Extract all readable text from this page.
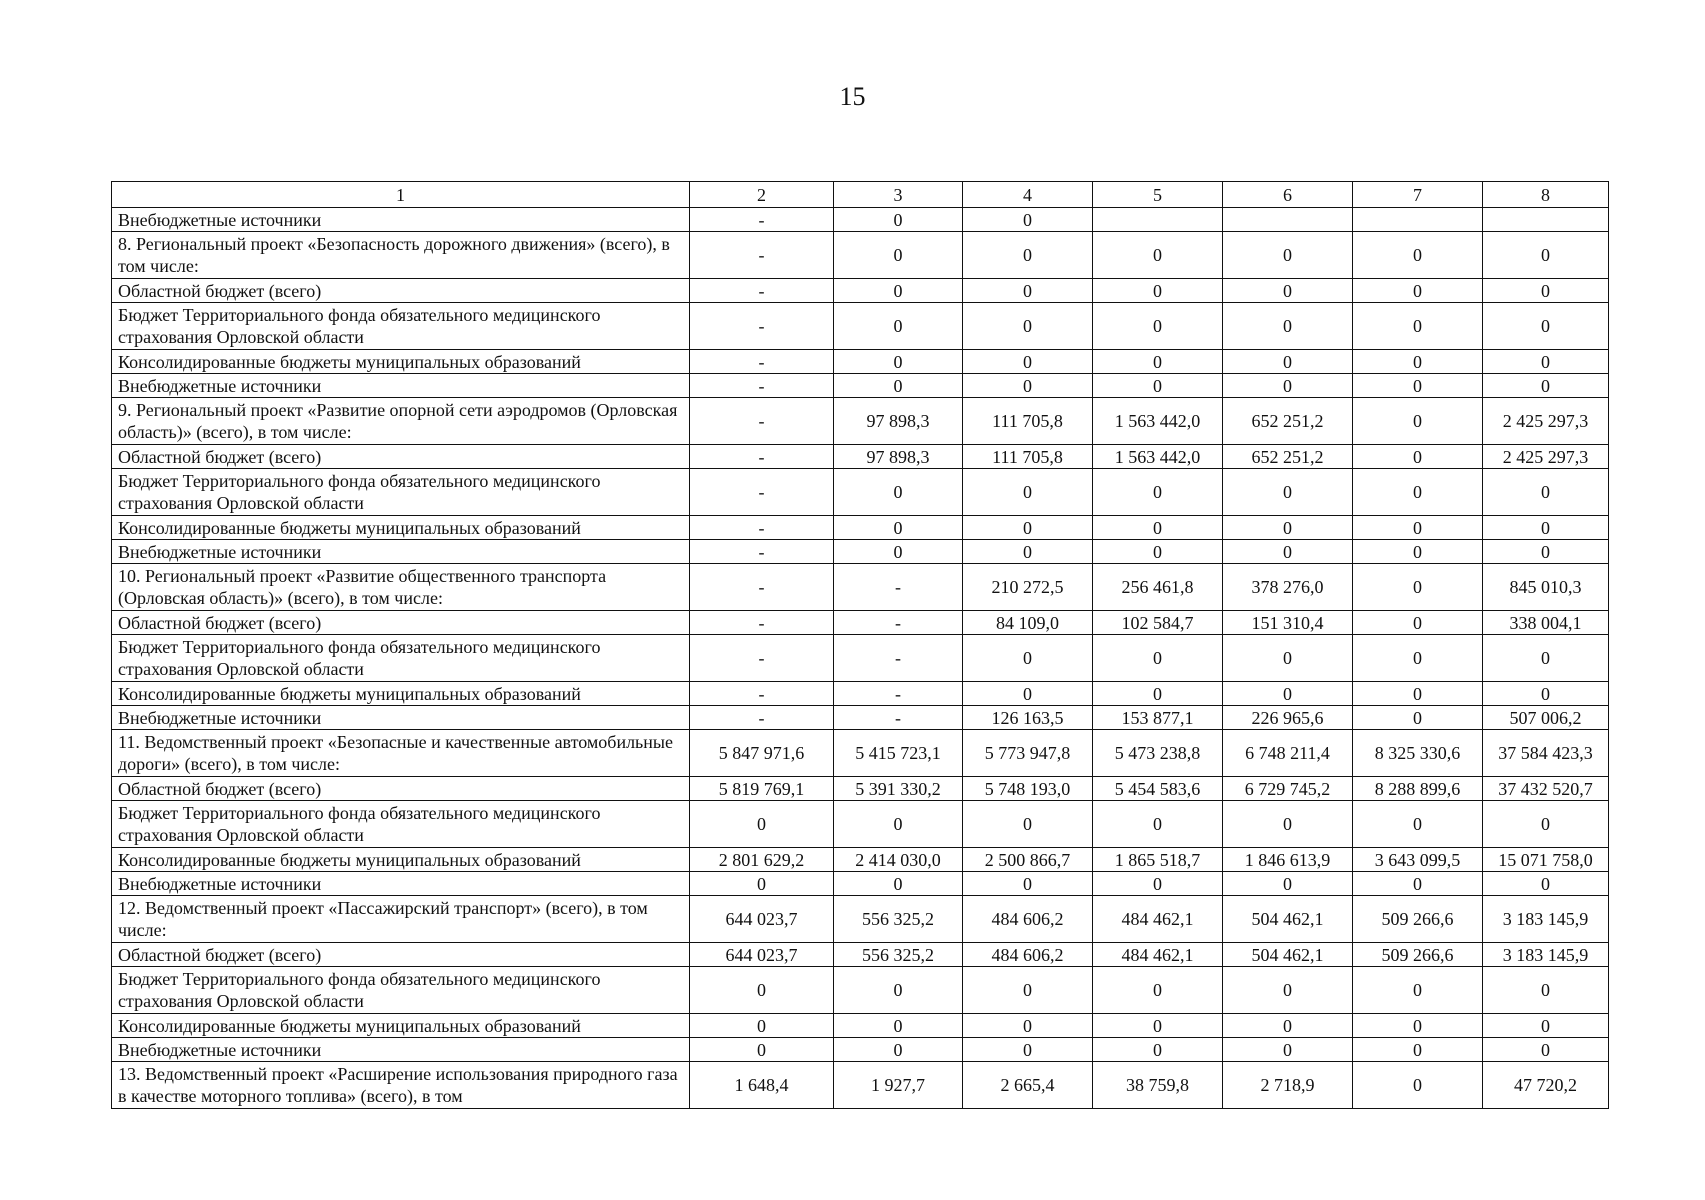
15
1	2	3	4	5	6	7	8
Внебюджетные источники	-	0	0				
8. Региональный проект «Безопасность дорожного движения» (всего), в том числе:	-	0	0	0	0	0	0
Областной бюджет (всего)	-	0	0	0	0	0	0
Бюджет Территориального фонда обязательного медицинского страхования Орловской области	-	0	0	0	0	0	0
Консолидированные бюджеты муниципальных образований	-	0	0	0	0	0	0
Внебюджетные источники	-	0	0	0	0	0	0
9. Региональный проект «Развитие опорной сети аэродромов (Орловская область)» (всего), в том числе:	-	97 898,3	111 705,8	1 563 442,0	652 251,2	0	2 425 297,3
Областной бюджет (всего)	-	97 898,3	111 705,8	1 563 442,0	652 251,2	0	2 425 297,3
Бюджет Территориального фонда обязательного медицинского страхования Орловской области	-	0	0	0	0	0	0
Консолидированные бюджеты муниципальных образований	-	0	0	0	0	0	0
Внебюджетные источники	-	0	0	0	0	0	0
10. Региональный проект «Развитие общественного транспорта (Орловская область)» (всего), в том числе:	-	-	210 272,5	256 461,8	378 276,0	0	845 010,3
Областной бюджет (всего)	-	-	84 109,0	102 584,7	151 310,4	0	338 004,1
Бюджет Территориального фонда обязательного медицинского страхования Орловской области	-	-	0	0	0	0	0
Консолидированные бюджеты муниципальных образований	-	-	0	0	0	0	0
Внебюджетные источники	-	-	126 163,5	153 877,1	226 965,6	0	507 006,2
11. Ведомственный проект «Безопасные и качественные автомобильные дороги» (всего), в том числе:	5 847 971,6	5 415 723,1	5 773 947,8	5 473 238,8	6 748 211,4	8 325 330,6	37 584 423,3
Областной бюджет (всего)	5 819 769,1	5 391 330,2	5 748 193,0	5 454 583,6	6 729 745,2	8 288 899,6	37 432 520,7
Бюджет Территориального фонда обязательного медицинского страхования Орловской области	0	0	0	0	0	0	0
Консолидированные бюджеты муниципальных образований	2 801 629,2	2 414 030,0	2 500 866,7	1 865 518,7	1 846 613,9	3 643 099,5	15 071 758,0
Внебюджетные источники	0	0	0	0	0	0	0
12. Ведомственный проект «Пассажирский транспорт» (всего), в том числе:	644 023,7	556 325,2	484 606,2	484 462,1	504 462,1	509 266,6	3 183 145,9
Областной бюджет (всего)	644 023,7	556 325,2	484 606,2	484 462,1	504 462,1	509 266,6	3 183 145,9
Бюджет Территориального фонда обязательного медицинского страхования Орловской области	0	0	0	0	0	0	0
Консолидированные бюджеты муниципальных образований	0	0	0	0	0	0	0
Внебюджетные источники	0	0	0	0	0	0	0
13. Ведомственный проект «Расширение использования природного газа в качестве моторного топлива» (всего), в том	1 648,4	1 927,7	2 665,4	38 759,8	2 718,9	0	47 720,2
